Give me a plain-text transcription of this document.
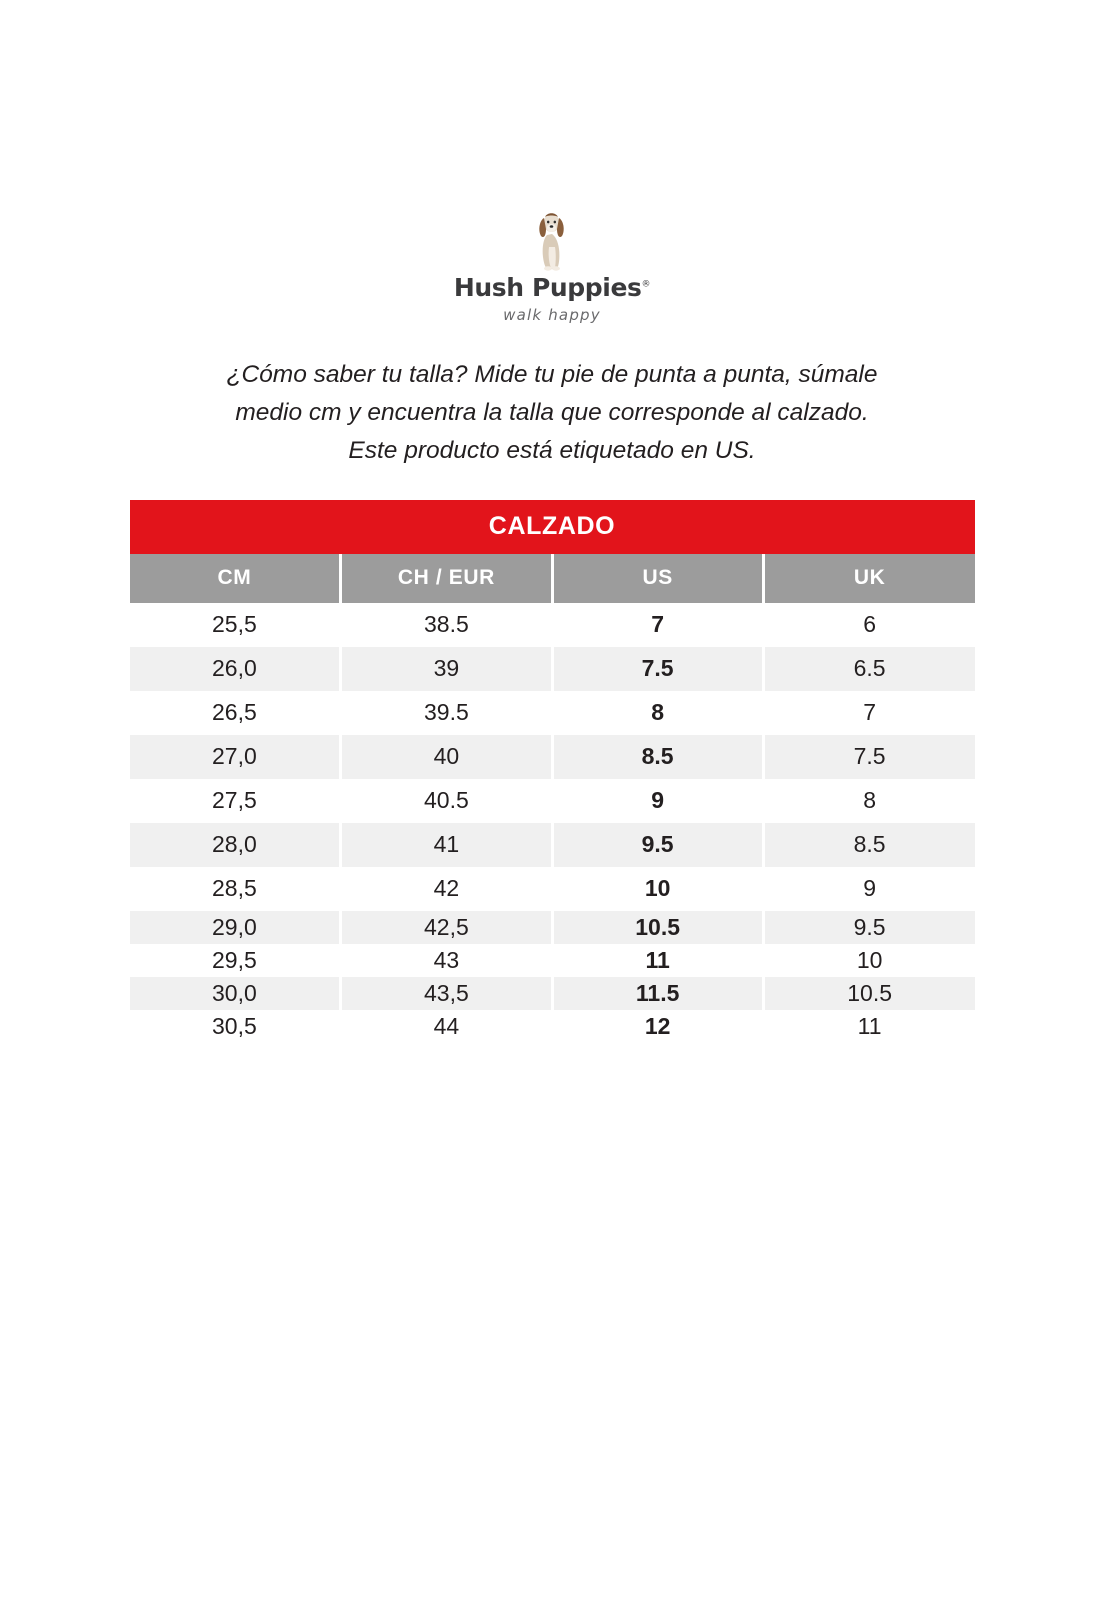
Hush Puppies®
walk happy
¿Cómo saber tu talla? Mide tu pie de punta a punta, súmale
medio cm y encuentra la talla que corresponde al calzado.
Este producto está etiquetado en US.
CALZADO
CM	CH / EUR	US	UK
25,5	38.5	7	6
26,0	39	7.5	6.5
26,5	39.5	8	7
27,0	40	8.5	7.5
27,5	40.5	9	8
28,0	41	9.5	8.5
28,5	42	10	9
29,0	42,5	10.5	9.5
29,5	43	11	10
30,0	43,5	11.5	10.5
30,5	44	12	11
